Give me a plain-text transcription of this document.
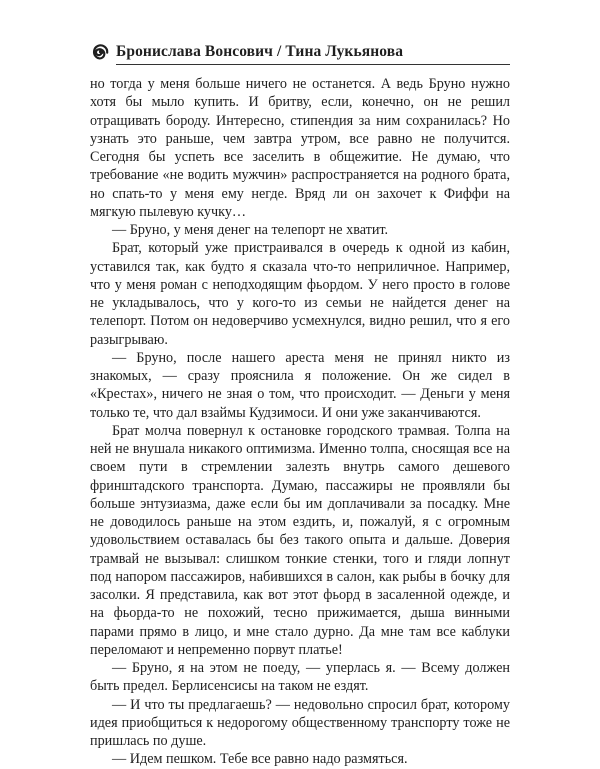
Бронислава Вонсович / Тина Лукьянова

но тогда у меня больше ничего не останется. А ведь Бруно нужно хотя бы мыло купить. И бритву, если, конечно, он не решил отращивать бороду. Интересно, стипендия за ним сохранилась? Но узнать это раньше, чем завтра утром, все равно не получится. Сегодня бы успеть все заселить в общежитие. Не думаю, что требование «не водить мужчин» распространяется на родного брата, но спать-то у меня ему негде. Вряд ли он захочет к Фиффи на мягкую пылевую кучку…

— Бруно, у меня денег на телепорт не хватит.

Брат, который уже пристраивался в очередь к одной из кабин, уставился так, как будто я сказала что-то неприличное. Например, что у меня роман с неподходящим фьордом. У него просто в голове не укладывалось, что у кого-то из семьи не найдется денег на телепорт. Потом он недоверчиво усмехнулся, видно решил, что я его разыгрываю.

— Бруно, после нашего ареста меня не принял никто из знакомых, — сразу прояснила я положение. Он же сидел в «Крестах», ничего не зная о том, что происходит. — Деньги у меня только те, что дал взаймы Кудзимоси. И они уже заканчиваются.

Брат молча повернул к остановке городского трамвая. Толпа на ней не внушала никакого оптимизма. Именно толпа, сносящая все на своем пути в стремлении залезть внутрь самого дешевого фринштадского транспорта. Думаю, пассажиры не проявляли бы больше энтузиазма, даже если бы им доплачивали за посадку. Мне не доводилось раньше на этом ездить, и, пожалуй, я с огромным удовольствием оставалась бы без такого опыта и дальше. Доверия трамвай не вызывал: слишком тонкие стенки, того и гляди лопнут под напором пассажиров, набившихся в салон, как рыбы в бочку для засолки. Я представила, как вот этот фьорд в засаленной одежде, и на фьорда-то не похожий, тесно прижимается, дыша винными парами прямо в лицо, и мне стало дурно. Да мне там все каблуки переломают и непременно порвут платье!

— Бруно, я на этом не поеду, — уперлась я. — Всему должен быть предел. Берлисенсисы на таком не ездят.

— И что ты предлагаешь? — недовольно спросил брат, которому идея приобщиться к недорогому общественному транспорту тоже не пришлась по душе.

— Идем пешком. Тебе все равно надо размяться.
